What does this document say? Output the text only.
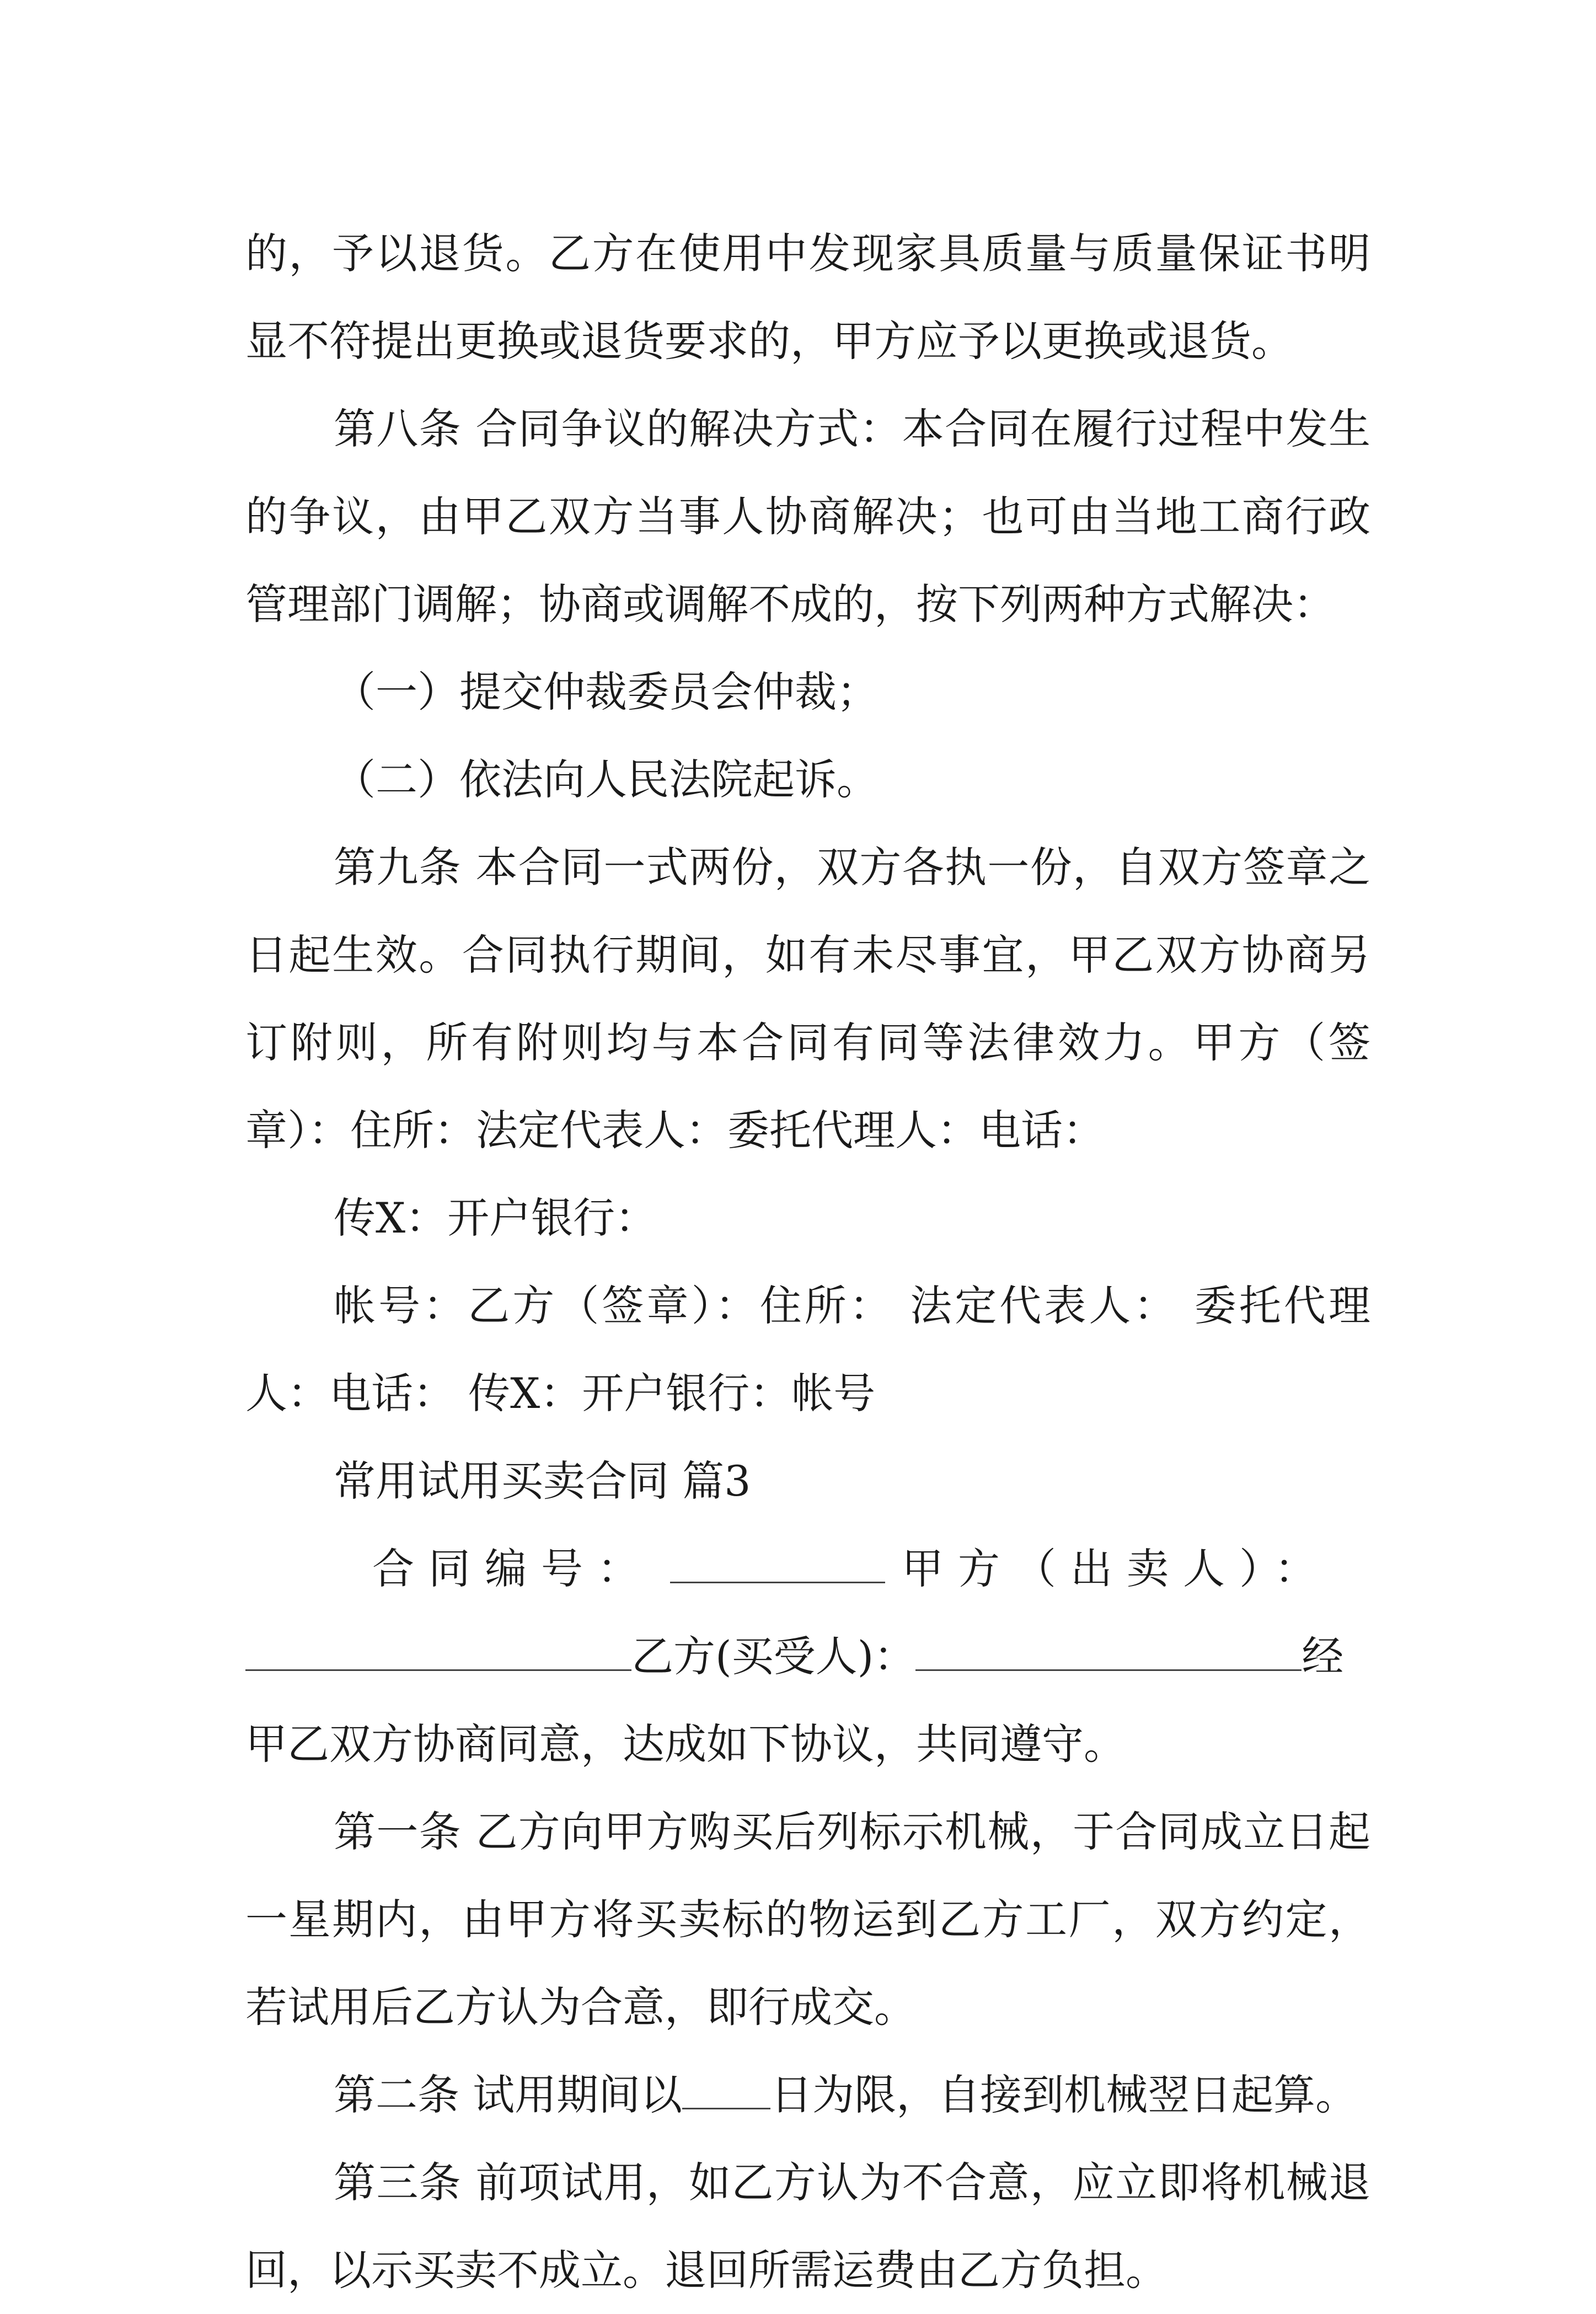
的，予以退货。乙方在使用中发现家具质量与质量保证书明显不符提出更换或退货要求的，甲方应予以更换或退货。

第八条 合同争议的解决方式：本合同在履行过程中发生的争议，由甲乙双方当事人协商解决；也可由当地工商行政管理部门调解；协商或调解不成的，按下列两种方式解决：

（一）提交仲裁委员会仲裁；

（二）依法向人民法院起诉。

第九条 本合同一式两份，双方各执一份，自双方签章之日起生效。合同执行期间，如有未尽事宜，甲乙双方协商另订附则，所有附则均与本合同有同等法律效力。甲方（签章）：住所：法定代表人：委托代理人：电话：

传X：开户银行：

帐号：乙方（签章）：住所： 法定代表人： 委托代理人：电话： 传X：开户银行：帐号

常用试用买卖合同 篇3

合同编号：	甲方（出卖人）：

乙方(买受人)：	经

甲乙双方协商同意，达成如下协议，共同遵守。

第一条 乙方向甲方购买后列标示机械，于合同成立日起一星期内，由甲方将买卖标的物运到乙方工厂，双方约定，若试用后乙方认为合意，即行成交。

第二条 试用期间以 日为限，自接到机械翌日起算。

第三条 前项试用，如乙方认为不合意，应立即将机械退回，以示买卖不成立。退回所需运费由乙方负担。
